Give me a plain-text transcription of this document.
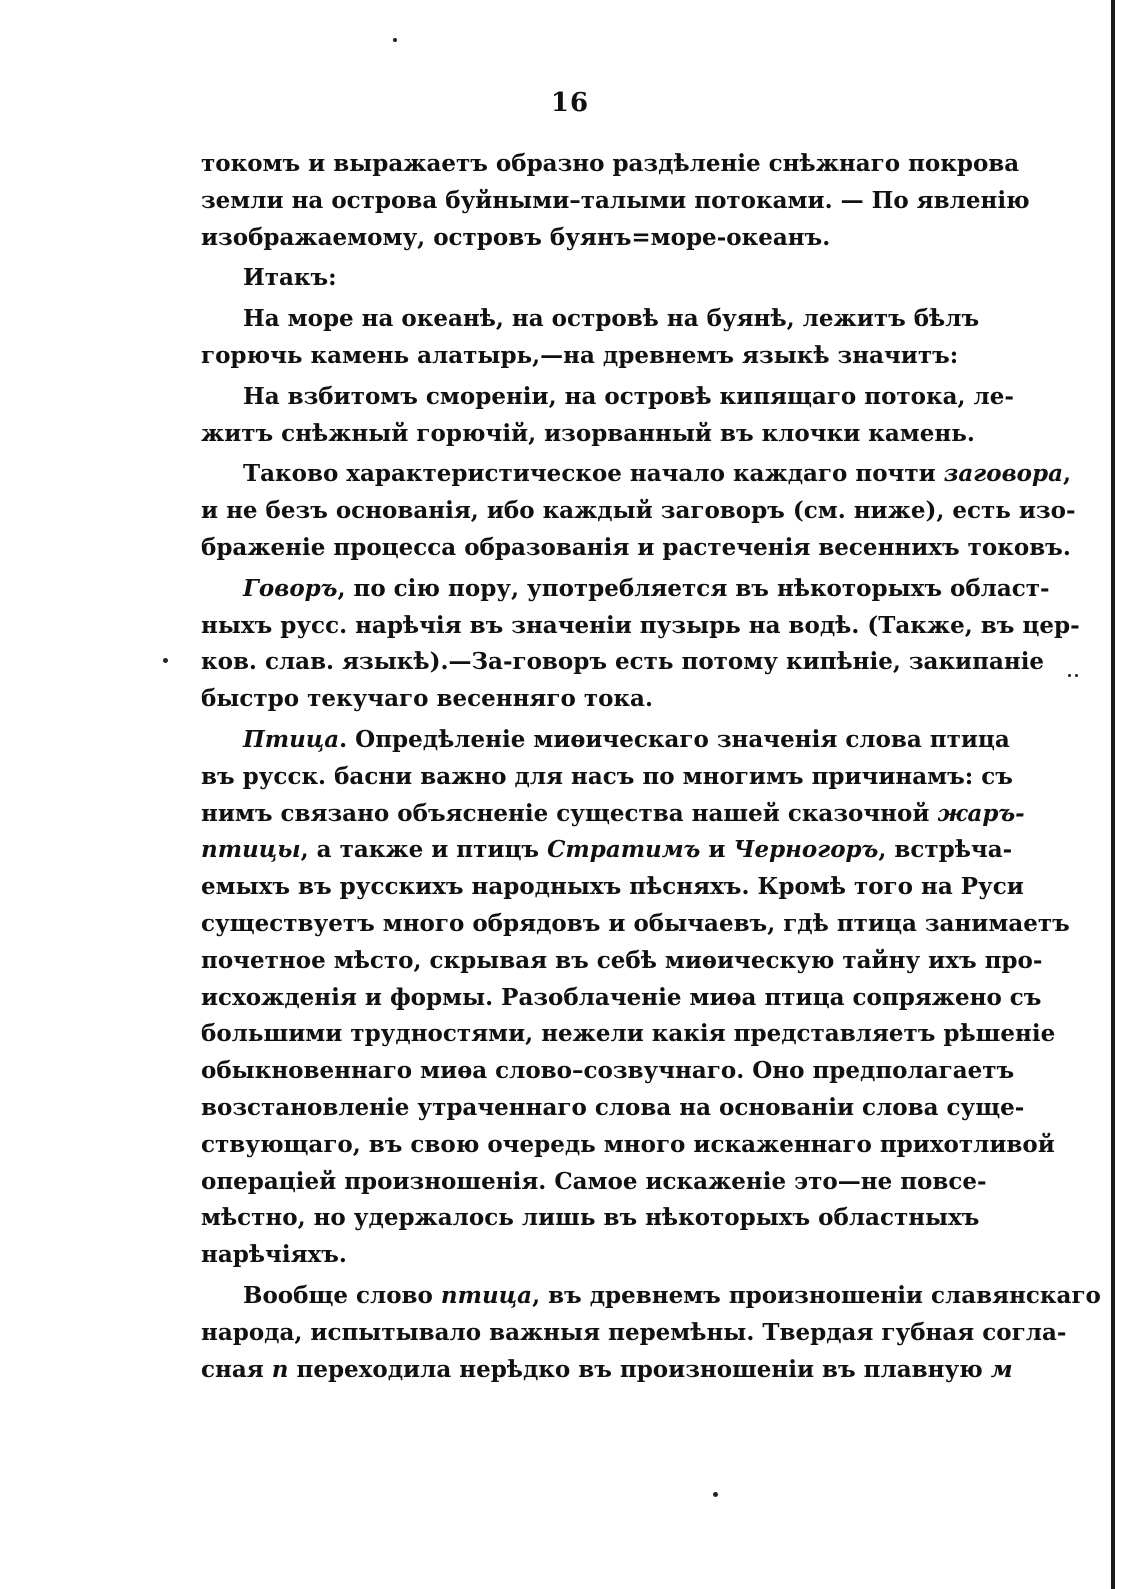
16
токомъ и выражаетъ образно раздѣленіе снѣжнаго покрова
земли на острова буйными–талыми потоками. — По явленію
изображаемому, островъ буянъ=море-океанъ.
Итакъ:
На море на океанѣ, на островѣ на буянѣ, лежитъ бѣлъ
горючь камень алатырь,—на древнемъ языкѣ значитъ:
На взбитомъ смореніи, на островѣ кипящаго потока, ле-
житъ снѣжный горючій, изорванный въ клочки камень.
Таково характеристическое начало каждаго почти заговора,
и не безъ основанія, ибо каждый заговоръ (см. ниже), есть изо-
браженіе процесса образованія и растеченія весеннихъ токовъ.
Говоръ, по сію пору, употребляется въ нѣкоторыхъ област-
ныхъ русс. нарѣчія въ значеніи пузырь на водѣ. (Также, въ цер-
ков. слав. языкѣ).—За-говоръ есть потому кипѣніе, закипаніе
быстро текучаго весенняго тока.
Птица. Опредѣленіе миѳическаго значенія слова птица
въ русск. басни важно для насъ по многимъ причинамъ: съ
нимъ связано объясненіе существа нашей сказочной жаръ-
птицы, а также и птицъ Стратимъ и Черногоръ, встрѣча-
емыхъ въ русскихъ народныхъ пѣсняхъ. Кромѣ того на Руси
существуетъ много обрядовъ и обычаевъ, гдѣ птица занимаетъ
почетное мѣсто, скрывая въ себѣ миѳическую тайну ихъ про-
исхожденія и формы. Разоблаченіе миѳа птица сопряжено съ
большими трудностями, нежели какія представляетъ рѣшеніе
обыкновеннаго миѳа слово–созвучнаго. Оно предполагаетъ
возстановленіе утраченнаго слова на основаніи слова суще-
ствующаго, въ свою очередь много искаженнаго прихотливой
операціей произношенія. Самое искаженіе это—не повсе-
мѣстно, но удержалось лишь въ нѣкоторыхъ областныхъ
нарѣчіяхъ.
Вообще слово птица, въ древнемъ произношеніи славянскаго
народа, испытывало важныя перемѣны. Твердая губная согла-
сная п переходила нерѣдко въ произношеніи въ плавную м
